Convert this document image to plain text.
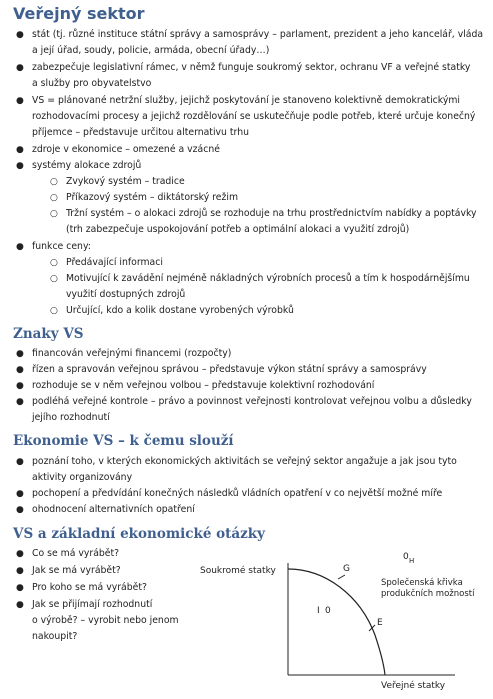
Veřejný sektor
● stát (tj. různé instituce státní správy a samosprávy – parlament, prezident a jeho kancelář, vláda
a její úřad, soudy, policie, armáda, obecní úřady…)
● zabezpečuje legislativní rámec, v němž funguje soukromý sektor, ochranu VF a veřejné statky
a služby pro obyvatelstvo
● VS = plánované netržní služby, jejichž poskytování je stanoveno kolektivně demokratickými
rozhodovacími procesy a jejichž rozdělování se uskutečňuje podle potřeb, které určuje konečný
příjemce – představuje určitou alternativu trhu
● zdroje v ekonomice – omezené a vzácné
● systémy alokace zdrojů
○ Zvykový systém – tradice
○ Příkazový systém – diktátorský režim
○ Tržní systém – o alokaci zdrojů se rozhoduje na trhu prostřednictvím nabídky a poptávky
(trh zabezpečuje uspokojování potřeb a optimální alokaci a využití zdrojů)
● funkce ceny:
○ Předávající informaci
○ Motivující k zavádění nejméně nákladných výrobních procesů a tím k hospodárnějšímu
využití dostupných zdrojů
○ Určující, kdo a kolik dostane vyrobených výrobků
Znaky VS
● financován veřejnými financemi (rozpočty)
● řízen a spravován veřejnou správou – představuje výkon státní správy a samosprávy
● rozhoduje se v něm veřejnou volbou – představuje kolektivní rozhodování
● podléhá veřejné kontrole – právo a povinnost veřejnosti kontrolovat veřejnou volbu a důsledky
jejího rozhodnutí
Ekonomie VS – k čemu slouží
● poznání toho, v kterých ekonomických aktivitách se veřejný sektor angažuje a jak jsou tyto
aktivity organizovány
● pochopení a předvídání konečných následků vládních opatření v co největší možné míře
● ohodnocení alternativních opatření
VS a základní ekonomické otázky
● Co se má vyrábět?
● Jak se má vyrábět?
● Pro koho se má vyrábět?
● Jak se přijímají rozhodnutí
o výrobě? – vyrobit nebo jenom
nakoupit?
Soukromé statky
Veřejné statky
G
E
I 0
0 H
Společenská křivka
produkčních možností
